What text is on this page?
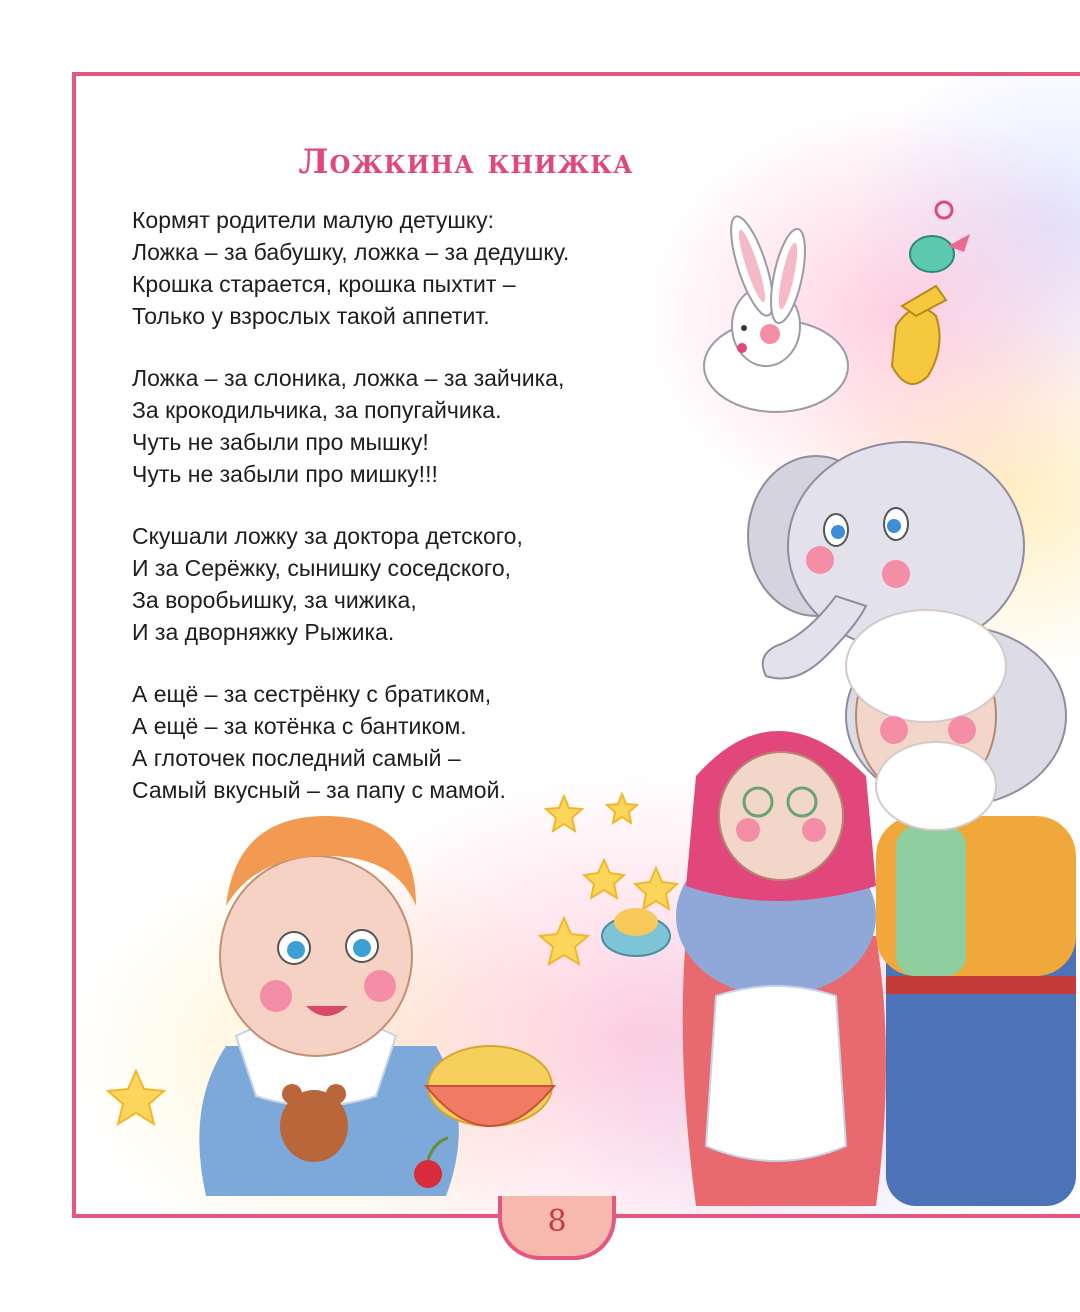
Ложкина книжка
Кормят родители малую детушку:
Ложка – за бабушку, ложка – за дедушку.
Крошка старается, крошка пыхтит –
Только у взрослых такой аппетит.
Ложка – за слоника, ложка – за зайчика,
За крокодильчика, за попугайчика.
Чуть не забыли про мышку!
Чуть не забыли про мишку!!!
Скушали ложку за доктора детского,
И за Серёжку, сынишку соседского,
За воробьишку, за чижика,
И за дворняжку Рыжика.
А ещё – за сестрёнку с братиком,
А ещё – за котёнка с бантиком.
А глоточек последний самый –
Самый вкусный – за папу с мамой.
8
